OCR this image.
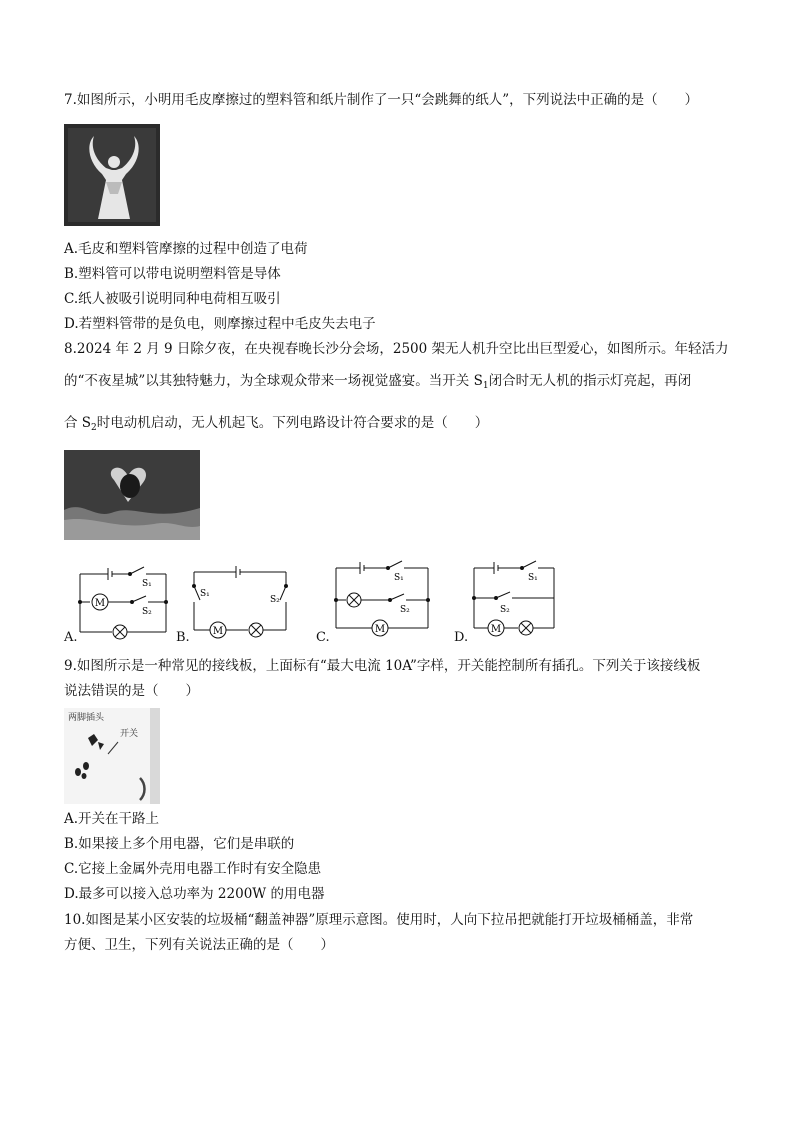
7.如图所示，小明用毛皮摩擦过的塑料管和纸片制作了一只“会跳舞的纸人”，下列说法中正确的是（　　）
A.毛皮和塑料管摩擦的过程中创造了电荷
B.塑料管可以带电说明塑料管是导体
C.纸人被吸引说明同种电荷相互吸引
D.若塑料管带的是负电，则摩擦过程中毛皮失去电子
8.2024 年 2 月 9 日除夕夜，在央视春晚长沙分会场，2500 架无人机升空比出巨型爱心，如图所示。年轻活力
的“不夜星城”以其独特魅力，为全球观众带来一场视觉盛宴。当开关 $S_1$闭合时无人机的指示灯亮起，再闭
合 $S_2$时电动机启动，无人机起飞。下列电路设计符合要求的是（　　）
M
S₁
S₂
A.	M
S₁
S₂
B.
M
S₁
S₂
C.
M
S₁
S₂
D.
9.如图所示是一种常见的接线板，上面标有“最大电流 10A”字样，开关能控制所有插孔。下列关于该接线板
说法错误的是（　　）
两脚插头
开关
A.开关在干路上
B.如果接上多个用电器，它们是串联的
C.它接上金属外壳用电器工作时有安全隐患
D.最多可以接入总功率为 2200W 的用电器
10.如图是某小区安装的垃圾桶“翻盖神器”原理示意图。使用时，人向下拉吊把就能打开垃圾桶桶盖，非常
方便、卫生，下列有关说法正确的是（　　）
